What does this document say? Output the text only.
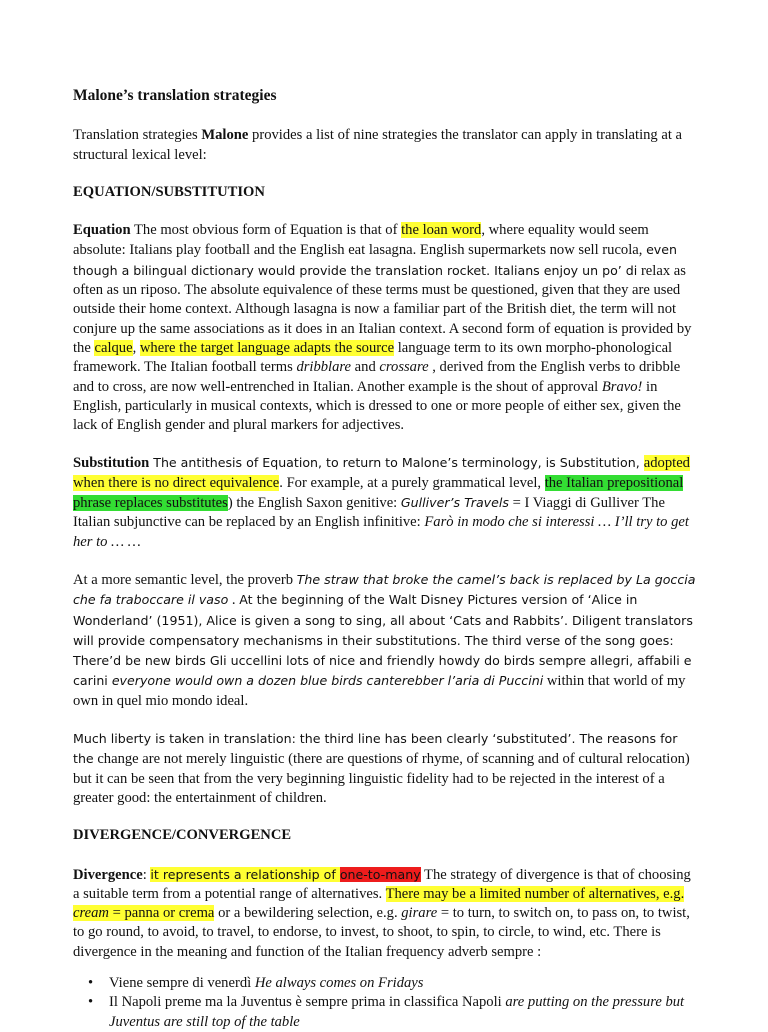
Malone’s translation strategies

Translation strategies Malone provides a list of nine strategies the translator can apply in translating at a structural lexical level:

EQUATION/SUBSTITUTION

Equation The most obvious form of Equation is that of the loan word, where equality would seem absolute: Italians play football and the English eat lasagna. English supermarkets now sell rucola, even though a bilingual dictionary would provide the translation rocket. Italians enjoy un po’ di relax as often as un riposo. The absolute equivalence of these terms must be questioned, given that they are used outside their home context. Although lasagna is now a familiar part of the British diet, the term will not conjure up the same associations as it does in an Italian context. A second form of equation is provided by the calque, where the target language adapts the source language term to its own morpho-phonological framework. The Italian football terms dribblare and crossare , derived from the English verbs to dribble and to cross, are now well-entrenched in Italian. Another example is the shout of approval Bravo! in English, particularly in musical contexts, which is dressed to one or more people of either sex, given the lack of English gender and plural markers for adjectives.

Substitution The antithesis of Equation, to return to Malone’s terminology, is Substitution, adopted when there is no direct equivalence. For example, at a purely grammatical level, the Italian prepositional phrase replaces substitutes) the English Saxon genitive: Gulliver’s Travels = I Viaggi di Gulliver The Italian subjunctive can be replaced by an English infinitive: Farò in modo che si interessi … I’ll try to get her to … …

At a more semantic level, the proverb The straw that broke the camel’s back is replaced by La goccia che fa traboccare il vaso . At the beginning of the Walt Disney Pictures version of ‘Alice in Wonderland’ (1951), Alice is given a song to sing, all about ‘Cats and Rabbits’. Diligent translators will provide compensatory mechanisms in their substitutions. The third verse of the song goes: There’d be new birds Gli uccellini lots of nice and friendly howdy do birds sempre allegri, affabili e carini everyone would own a dozen blue birds canterebber l’aria di Puccini within that world of my own in quel mio mondo ideal.

Much liberty is taken in translation: the third line has been clearly ‘substituted’. The reasons for the change are not merely linguistic (there are questions of rhyme, of scanning and of cultural relocation) but it can be seen that from the very beginning linguistic fidelity had to be rejected in the interest of a greater good: the entertainment of children.

DIVERGENCE/CONVERGENCE

Divergence: it represents a relationship of one-to-many The strategy of divergence is that of choosing a suitable term from a potential range of alternatives. There may be a limited number of alternatives, e.g. cream = panna or crema or a bewildering selection, e.g. girare = to turn, to switch on, to pass on, to twist, to go round, to avoid, to travel, to endorse, to invest, to shoot, to spin, to circle, to wind, etc. There is divergence in the meaning and function of the Italian frequency adverb sempre :

• Viene sempre di venerdì He always comes on Fridays
• Il Napoli preme ma la Juventus è sempre prima in classifica Napoli are putting on the pressure but Juventus are still top of the table
